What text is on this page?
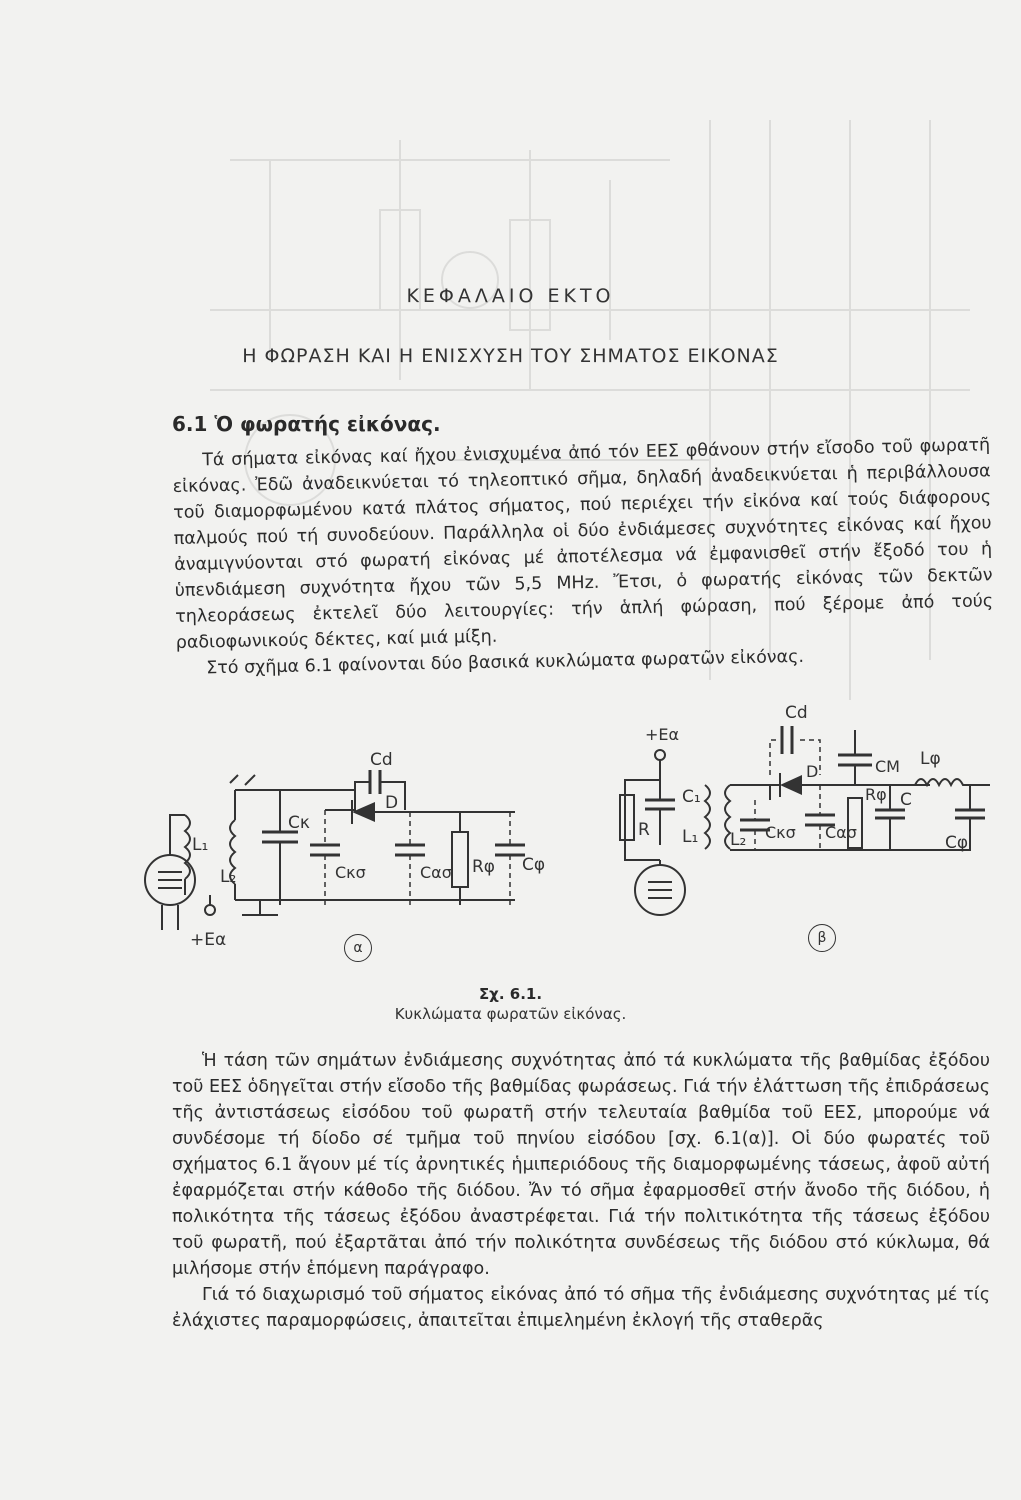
ΚΕΦΑΛΑΙΟ ΕΚΤΟ
Η ΦΩΡΑΣΗ ΚΑΙ Η ΕΝΙΣΧΥΣΗ ΤΟΥ ΣΗΜΑΤΟΣ ΕΙΚΟΝΑΣ
6.1 Ὁ φωρατής εἰκόνας.

Τά σήματα εἰκόνας καί ἤχου ἐνισχυμένα ἀπό τόν ΕΕΣ φθάνουν στήν εἴσοδο τοῦ φωρατῆ εἰκόνας. Ἐδῶ ἀναδεικνύεται τό τηλεοπτικό σῆμα, δηλαδή ἀναδεικνύεται ἡ περιβάλλουσα τοῦ διαμορφωμένου κατά πλάτος σήματος, πού περιέχει τήν εἰκόνα καί τούς διάφορους παλμούς πού τή συνοδεύουν. Παράλληλα οἱ δύο ἐνδιάμεσες συχνότητες εἰκόνας καί ἤχου ἀναμιγνύονται στό φωρατή εἰκόνας μέ ἀποτέλεσμα νά ἐμφανισθεῖ στήν ἔξοδό του ἡ ὑπενδιάμεση συχνότητα ἤχου τῶν 5,5 MHz. Ἔτσι, ὁ φωρατής εἰκόνας τῶν δεκτῶν τηλεοράσεως ἐκτελεῖ δύο λειτουργίες: τήν ἁπλή φώραση, πού ξέρομε ἀπό τούς ραδιοφωνικούς δέκτες, καί μιά μίξη.

Στό σχῆμα 6.1 φαίνονται δύο βασικά κυκλώματα φωρατῶν εἰκόνας.

L₁
L₂
+Eα
Cκ
Cκσ
Cd
D
Cασ Rφ Cφ
+Eα
R
C₁
L₁ L₂ Cκσ
Cd
D
Cασ
CM
Rφ C
Lφ
Cφ
α
β
Σχ. 6.1.
Κυκλώματα φωρατῶν εἰκόνας.

Ἡ τάση τῶν σημάτων ἐνδιάμεσης συχνότητας ἀπό τά κυκλώματα τῆς βαθμίδας ἐξόδου τοῦ ΕΕΣ ὁδηγεῖται στήν εἴσοδο τῆς βαθμίδας φωράσεως. Γιά τήν ἐλάττωση τῆς ἐπιδράσεως τῆς ἀντιστάσεως εἰσόδου τοῦ φωρατῆ στήν τελευταία βαθμίδα τοῦ ΕΕΣ, μπορούμε νά συνδέσομε τή δίοδο σέ τμῆμα τοῦ πηνίου εἰσόδου [σχ. 6.1(α)]. Οἱ δύο φωρατές τοῦ σχήματος 6.1 ἄγουν μέ τίς ἀρνητικές ἡμιπεριόδους τῆς διαμορφωμένης τάσεως, ἀφοῦ αὐτή ἐφαρμόζεται στήν κάθοδο τῆς διόδου. Ἄν τό σῆμα ἐφαρμοσθεῖ στήν ἄνοδο τῆς διόδου, ἡ πολικότητα τῆς τάσεως ἐξόδου ἀναστρέφεται. Γιά τήν πολιτικότητα τῆς τάσεως ἐξόδου τοῦ φωρατῆ, πού ἐξαρτᾶται ἀπό τήν πολικότητα συνδέσεως τῆς διόδου στό κύκλωμα, θά μιλήσομε στήν ἑπόμενη παράγραφο.

Γιά τό διαχωρισμό τοῦ σήματος εἰκόνας ἀπό τό σῆμα τῆς ἐνδιάμεσης συχνότητας μέ τίς ἐλάχιστες παραμορφώσεις, ἀπαιτεῖται ἐπιμελημένη ἐκλογή τῆς σταθερᾶς
